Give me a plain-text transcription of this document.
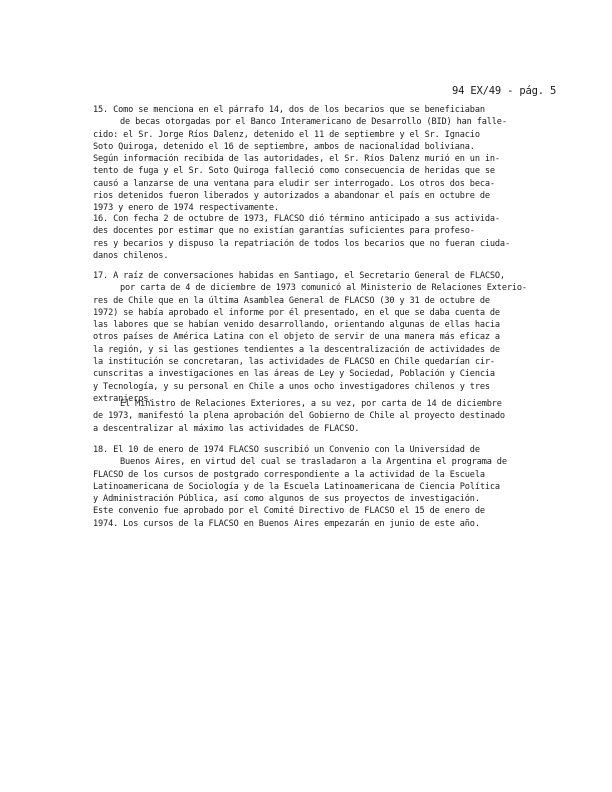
94 EX/49 - pág. 5
15. Como se menciona en el párrafo 14, dos de los becarios que se beneficiaban
de becas otorgadas por el Banco Interamericano de Desarrollo (BID) han falle-
cido: el Sr. Jorge Ríos Dalenz, detenido el 11 de septiembre y el Sr. Ignacio
Soto Quiroga, detenido el 16 de septiembre, ambos de nacionalidad boliviana.
Según información recibida de las autoridades, el Sr. Ríos Dalenz murió en un in-
tento de fuga y el Sr. Soto Quiroga falleció como consecuencia de heridas que se
causó a lanzarse de una ventana para eludir ser interrogado. Los otros dos beca-
rios detenidos fueron liberados y autorizados a abandonar el país en octubre de
1973 y enero de 1974 respectivamente.
16. Con fecha 2 de octubre de 1973, FLACSO dió término anticipado a sus activida-
des docentes por estimar que no existían garantías suficientes para profeso-
res y becarios y dispuso la repatriación de todos los becarios que no fueran ciuda-
danos chilenos.
17. A raíz de conversaciones habidas en Santiago, el Secretario General de FLACSO,
por carta de 4 de diciembre de 1973 comunicó al Ministerio de Relaciones Exterio-
res de Chile que en la última Asamblea General de FLACSO (30 y 31 de octubre de
1972) se había aprobado el informe por él presentado, en el que se daba cuenta de
las labores que se habían venido desarrollando, orientando algunas de ellas hacia
otros países de América Latina con el objeto de servir de una manera más eficaz a
la región, y si las gestiones tendientes a la descentralización de actividades de
la institución se concretaran, las actividades de FLACSO en Chile quedarían cir-
cunscritas a investigaciones en las áreas de Ley y Sociedad, Población y Ciencia
y Tecnología, y su personal en Chile a unos ocho investigadores chilenos y tres
extranjeros.
El Ministro de Relaciones Exteriores, a su vez, por carta de 14 de diciembre
de 1973, manifestó la plena aprobación del Gobierno de Chile al proyecto destinado
a descentralizar al máximo las actividades de FLACSO.
18. El 10 de enero de 1974 FLACSO suscribió un Convenio con la Universidad de
Buenos Aires, en virtud del cual se trasladaron a la Argentina el programa de
FLACSO de los cursos de postgrado correspondiente a la actividad de la Escuela
Latinoamericana de Sociología y de la Escuela Latinoamericana de Ciencia Política
y Administración Pública, así como algunos de sus proyectos de investigación.
Este convenio fue aprobado por el Comité Directivo de FLACSO el 15 de enero de
1974. Los cursos de la FLACSO en Buenos Aires empezarán en junio de este año.
